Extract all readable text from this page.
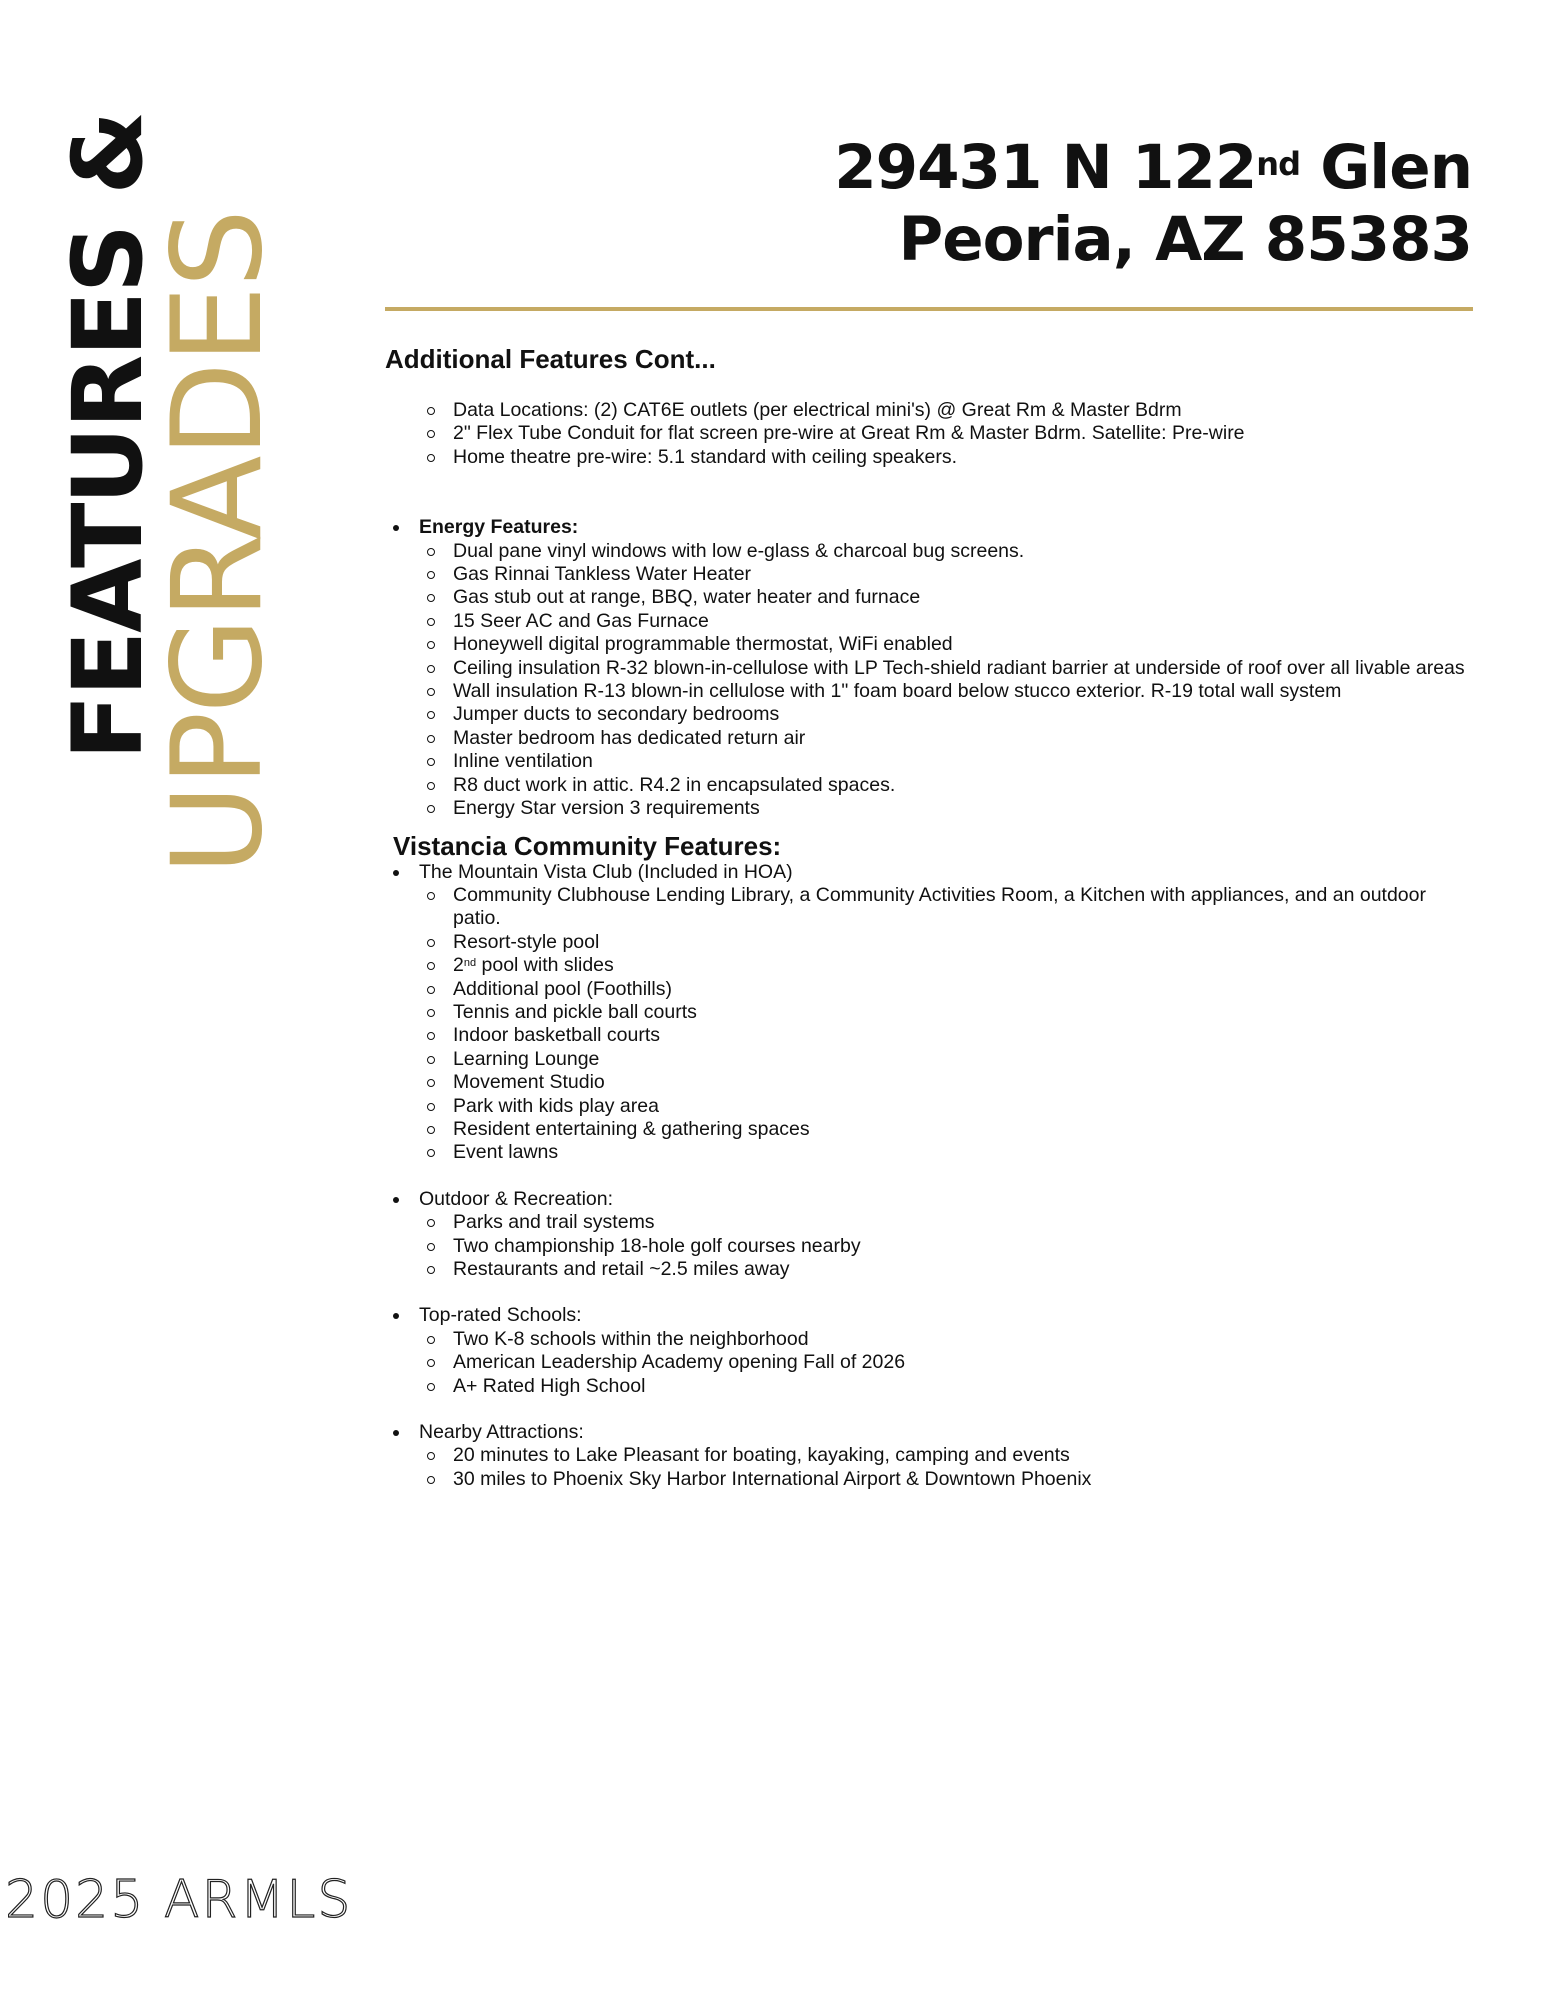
FEATURES &
UPGRADES
29431 N 122nd Glen
Peoria, AZ 85383
Additional Features Cont...
Data Locations: (2) CAT6E outlets (per electrical mini's) @ Great Rm & Master Bdrm
2" Flex Tube Conduit for flat screen pre-wire at Great Rm & Master Bdrm. Satellite: Pre-wire
Home theatre pre-wire: 5.1 standard with ceiling speakers.
Energy Features:
Dual pane vinyl windows with low e-glass & charcoal bug screens.
Gas Rinnai Tankless Water Heater
Gas stub out at range, BBQ, water heater and furnace
15 Seer AC and Gas Furnace
Honeywell digital programmable thermostat, WiFi enabled
Ceiling insulation R-32 blown-in-cellulose with LP Tech-shield radiant barrier at underside of roof over all livable areas
Wall insulation R-13 blown-in cellulose with 1" foam board below stucco exterior. R-19 total wall system
Jumper ducts to secondary bedrooms
Master bedroom has dedicated return air
Inline ventilation
R8 duct work in attic. R4.2 in encapsulated spaces.
Energy Star version 3 requirements
Vistancia Community Features:
The Mountain Vista Club (Included in HOA)
Community Clubhouse Lending Library, a Community Activities Room, a Kitchen with appliances, and an outdoor patio.
Resort-style pool
2nd pool with slides
Additional pool (Foothills)
Tennis and pickle ball courts
Indoor basketball courts
Learning Lounge
Movement Studio
Park with kids play area
Resident entertaining & gathering spaces
Event lawns
Outdoor & Recreation:
Parks and trail systems
Two championship 18-hole golf courses nearby
Restaurants and retail ~2.5 miles away
Top-rated Schools:
Two K-8 schools within the neighborhood
American Leadership Academy opening Fall of 2026
A+ Rated High School
Nearby Attractions:
20 minutes to Lake Pleasant for boating, kayaking, camping and events
30 miles to Phoenix Sky Harbor International Airport & Downtown Phoenix
2025 ARMLS
